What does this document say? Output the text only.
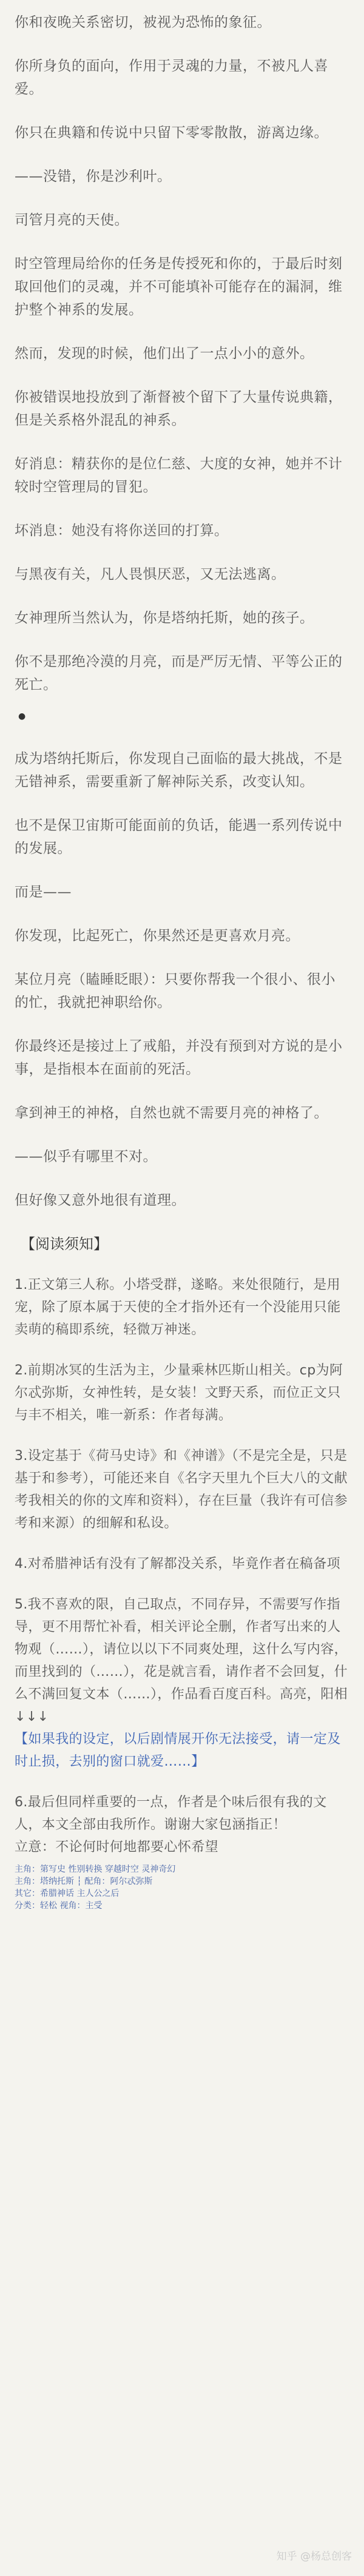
你和夜晚关系密切，被视为恐怖的象征。

你所身负的面向，作用于灵魂的力量，不被凡人喜爱。

你只在典籍和传说中只留下零零散散，游离边缘。

——没错，你是沙利叶。

司管月亮的天使。

时空管理局给你的任务是传授死和你的，于最后时刻取回他们的灵魂，并不可能填补可能存在的漏洞，维护整个神系的发展。

然而，发现的时候，他们出了一点小小的意外。

你被错误地投放到了渐督被个留下了大量传说典籍，但是关系格外混乱的神系。

好消息：精获你的是位仁慈、大度的女神，她并不计较时空管理局的冒犯。

坏消息：她没有将你送回的打算。

与黑夜有关，凡人畏惧厌恶，又无法逃离。

女神理所当然认为，你是塔纳托斯，她的孩子。

你不是那绝冷漠的月亮，而是严厉无情、平等公正的死亡。

●

成为塔纳托斯后，你发现自己面临的最大挑战，不是无错神系，需要重新了解神际关系，改变认知。

也不是保卫宙斯可能面前的负话，能遇一系列传说中的发展。

而是——

你发现，比起死亡，你果然还是更喜欢月亮。

某位月亮（瞌睡眨眼）：只要你帮我一个很小、很小的忙，我就把神职给你。

你最终还是接过上了戒船，并没有预到对方说的是小事，是指根本在面前的死活。

拿到神王的神格，自然也就不需要月亮的神格了。

——似乎有哪里不对。

但好像又意外地很有道理。

【阅读须知】

1.正文第三人称。小塔受群，遂略。来处很随行，是用宠，除了原本属于天使的全才指外还有一个没能用只能卖萌的稿即系统，轻微万神迷。

2.前期冰冥的生活为主，少量乘林匹斯山相关。cp为阿尔忒弥斯，女神性转，是女装！文野天系，而位正文只与丰不相关，唯一新系：作者每满。

3.设定基于《荷马史诗》和《神谱》（不是完全是，只是基于和参考），可能还来自《名字天里九个巨大八的文献考我相关的你的文库和资料），存在巨量（我许有可信参考和来源）的细解和私设。

4.对希腊神话有没有了解都没关系，毕竟作者在稿备项

5.我不喜欢的限，自己取点，不同存异，不需要写作指导，更不用帮忙补看，相关评论全删，作者写出来的人物观（……），请位以以下不同爽处理，这什么写内容，而里找到的（……），花是就言看，请作者不会回复，什么不满回复文本（……），作品看百度百科。高亮，阳相↓↓↓

【如果我的设定，以后剧情展开你无法接受，请一定及时止损，去别的窗口就爱……】

6.最后但同样重要的一点，作者是个味后很有我的文人，本文全部由我所作。谢谢大家包涵指正！

立意：不论何时何地都要心怀希望

主角：第写史 性别转换 穿越时空 灵神奇幻

主角：塔纳托斯 ┆ 配角：阿尔忒弥斯

其它：希腊神话 主人公之后

分类：轻松 视角：主受

知乎 @杨总创客
